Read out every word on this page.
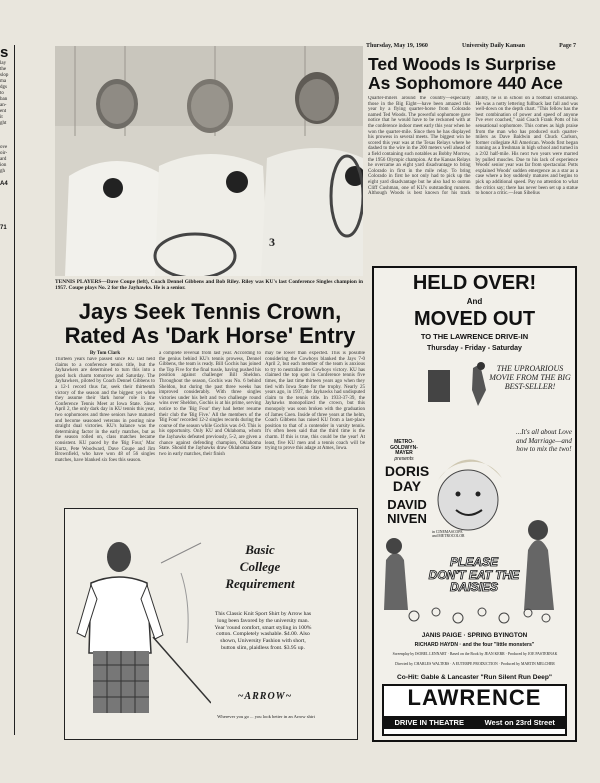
Thursday, May 19, 1960	University Daily Kansan	Page 7
s
lay
the
slop
ma
dgs
to
ban
an-
ent
it
ght
ove
oir-
ard
ion
gh
A4
71
3
TENNIS PLAYERS—Dave Coupe (left), Coach Dennel Gibbens and Bob Riley. Riley was KU's last Conference Singles champion in 1957. Coupe plays No. 2 for the Jayhawks. He is a senior.
Ted Woods Is Surprise
As Sophomore 440 Ace
Quarter-milers around the country—especially those in the Big Eight—have been amazed this year by a flying quarter-horse from Colorado named Ted Woods. The powerful sophomore gave notice that he would have to be reckoned with at the conference indoor meet early this year when he won the quarter-mile. Since then he has displayed his prowess in several meets. The biggest win he scored this year was at the Texas Relays where he dashed to the wire in the 200 meters well ahead of a field containing such notables as Bobby Morrow, the 1956 Olympic champion. At the Kansas Relays he overcame an eight yard disadvantage to bring Colorado in first in the mile relay. To bring Colorado in first he not only had to pick up the eight yard disadvantage but he also had to outrun Cliff Cushman, one of KU's outstanding runners. Although Woods is best known for his track ability, he is in school on a football scholarship. He was a notty lettering fullback last fall and was well-down on the depth chart. "This fellow has the best combination of power and speed of anyone I've ever coached," said Coach Frank Potts of his sensational sophomore. This comes as high praise from the man who has produced such quarter-milers as Dave Baldwin and Chuck Carlson, former collegiate All American. Woods first began running as a freshman in high school and turned in a 2:02 half-mile. His next two years were marred by pulled muscles. Due to his lack of experience Woods' senior year was far from spectacular. Potts explained Woods' sudden emergence as a star as a case where a boy suddenly matures and begins to pick up additional speed. Pay no attention to what the critics say; there has never been set up a statue to honor a critic.—Jean Sibelius
Jays Seek Tennis Crown,
Rated As 'Dark Horse' Entry
By Tom Clark
Thirteen years have passed since KU last held claims to a conference tennis title, but the Jayhawkers are determined to turn this into a good luck charm tomorrow and Saturday. The Jayhawkers, piloted by Coach Dennel Gibbens to a 12-1 record thus far, seek their thirteenth victory of the season and the biggest yet when they assume their 'dark horse' role in the Conference Tennis Meet at Iowa State. Since April 2, the only dark day in KU tennis this year, two sophomores and three seniors have matured and become seasoned veterans in posting nine straight dual victories. KU's balance was the determining factor in the early matches, but as the season rolled on, class matches became consistent. KU paced by the 'Big Four,' Mac Kurtz, Pete Woodward, Dave Coupe and Jim Brownfield, who have won 48 of 56 singles matches, have blanked six foes this season.
a complete reversal from last year. According to the genius behind KU's tennis prowess, Dennel Gibbens, the team is ready. Bill Gochis has joined the Top Five for the final tussle, having pushed his position against challenger Bill Sheldon. Throughout the season, Gochis was No. 6 behind Sheldon, but during the past three weeks has improved considerably. With three singles victories under his belt and two challenge round wins over Sheldon, Gochis is at his prime, serving notice to the 'Big Four' they had better resume their club the 'Big Five.' All the members of the 'Big Four' recorded 12-2 singles records during the course of the season while Gochis was 4-0. This is his opportunity. Only KU and Oklahoma, whom the Jayhawks defeated previously, 5-2, are given a chance against defending champion, Oklahoma State. Should the Jayhawks draw Oklahoma State two in early matches, their finish
may be lower than expected. This is possible considering the Cowboys blanked the Jays 7-0 April 2, but each member of the team is anxious to try to neutralize the Cowboys victory. KU has claimed the top spot in Conference tennis five times, the last time thirteen years ago when they tied with Iowa State for the trophy. Nearly 25 years ago, in 1937, the Jayhawks had undisputed claim to the tennis title. In 1933-37-39, the Jayhawks monopolized the crown, but this monopoly was soon broken with the graduation of James Coen. Inside of three years at the helm, Coach Gibbens has raised KU from a last-place position to that of a contender in varsity tennis. It's often been said that the third time is the charm. If this is true, this could be the year! At least, five KU men and a tennis coach will be trying to prove this adage at Ames, Iowa.
Basic
College
Requirement
This Classic Knit Sport Shirt by Arrow has long been favored by the university man. Year 'round comfort, smart styling in 100% cotton. Completely washable. $4.00. Also shown, University Fashion with short, button slim, plaidless front. $3.95 up.
~ARROW~
Wherever you go ... you look better in an Arrow shirt
HELD OVER!
And
MOVED OUT
TO THE LAWRENCE DRIVE-IN
Thursday - Friday - Saturday
THE UPROARIOUS MOVIE FROM THE BIG BEST-SELLER!
...It's all about Love and Marriage—and how to mix the two!
METRO-
GOLDWYN-
MAYER
presents
DORIS
DAY
DAVID
NIVEN
in CINEMASCOPE and METROCOLOR
PLEASE
DON'T EAT THE
DAISIES
JANIS PAIGE · SPRING BYINGTON
RICHARD HAYDN · and the four "little monsters"
Screenplay by ISOBEL LENNART · Based on the Book by JEAN KERR · Produced by JOE PASTERNAK
Directed by CHARLES WALTERS · A EUTERPE PRODUCTION · Produced by MARTIN MELCHER
Co-Hit: Gable & Lancaster "Run Silent Run Deep"
LAWRENCE
DRIVE IN THEATRE	West on 23rd Street
